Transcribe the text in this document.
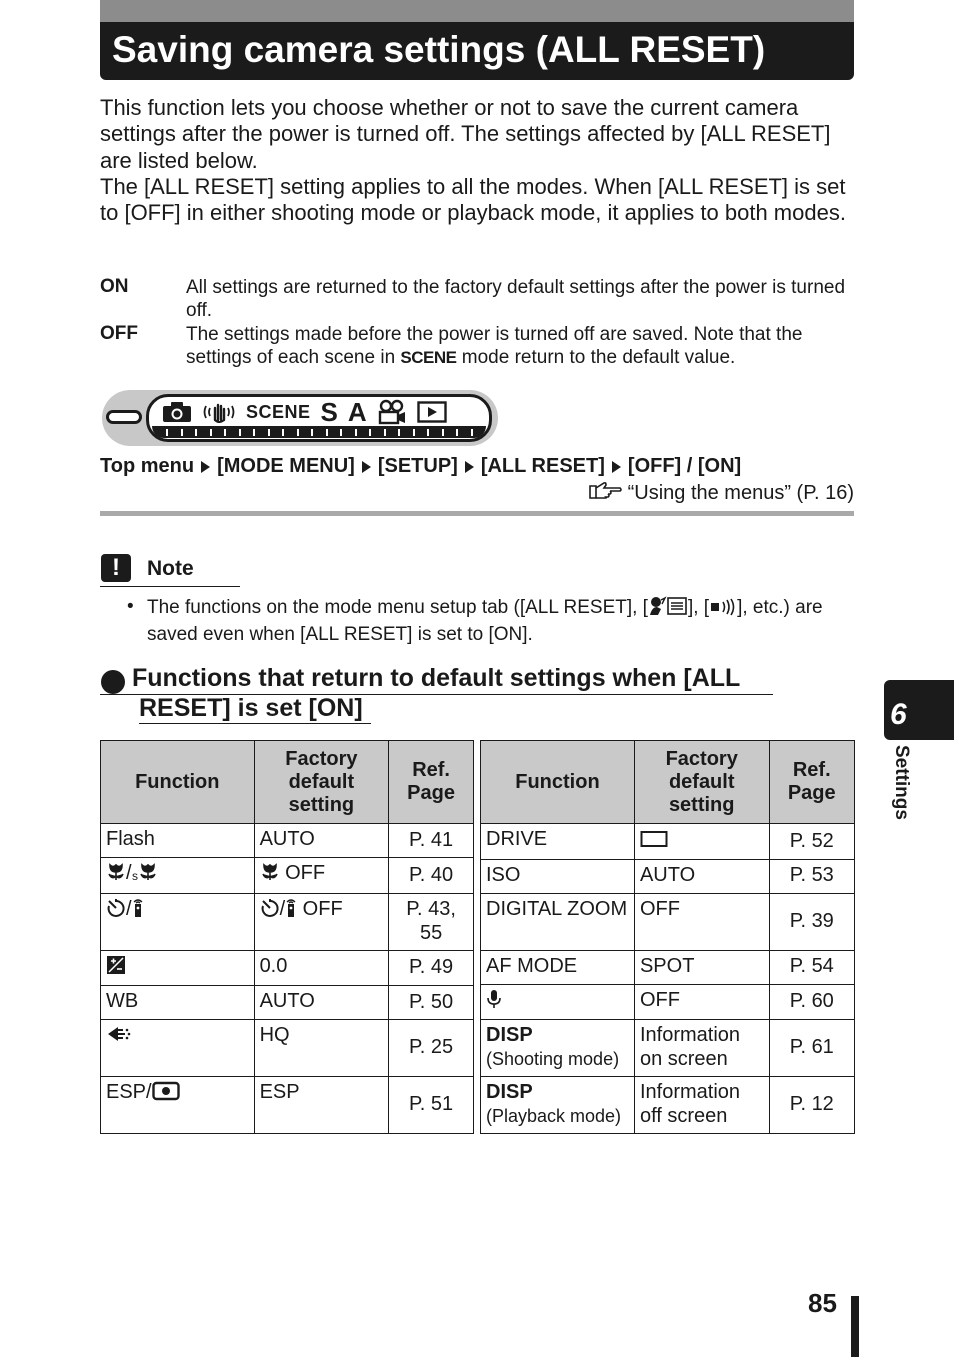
Saving camera settings (ALL RESET)

This function lets you choose whether or not to save the current camera settings after the power is turned off. The settings affected by [ALL RESET] are listed below.

The [ALL RESET] setting applies to all the modes. When [ALL RESET] is set to [OFF] in either shooting mode or playback mode, it applies to both modes.

ON	All settings are returned to the factory default settings after the power is turned off.
OFF	The settings made before the power is turned off are saved. Note that the settings of each scene in SCENE mode return to the default value.
SCENE S A
Top menu [MODE MENU] [SETUP] [ALL RESET] [OFF] / [ON]
“Using the menus” (P. 16)
!	Note
• The functions on the mode menu setup tab ([ALL RESET], [ ], [ ], etc.) are saved even when [ALL RESET] is set to [ON].
Functions that return to default settings when [ALL
RESET] is set [ON]
Function	Factory default setting	Ref. Page
Flash	AUTO	P. 41
/ s	OFF	P. 40
/	/ OFF	P. 43, 55
	0.0	P. 49
WB	AUTO	P. 50
	HQ	P. 25
ESP/	ESP	P. 51
Function	Factory default setting	Ref. Page
DRIVE		P. 52
ISO	AUTO	P. 53
DIGITAL ZOOM	OFF	P. 39
AF MODE	SPOT	P. 54
	OFF	P. 60
DISP
(Shooting mode)	Information on screen	P. 61
DISP
(Playback mode)	Information off screen	P. 12
6
Settings
85
